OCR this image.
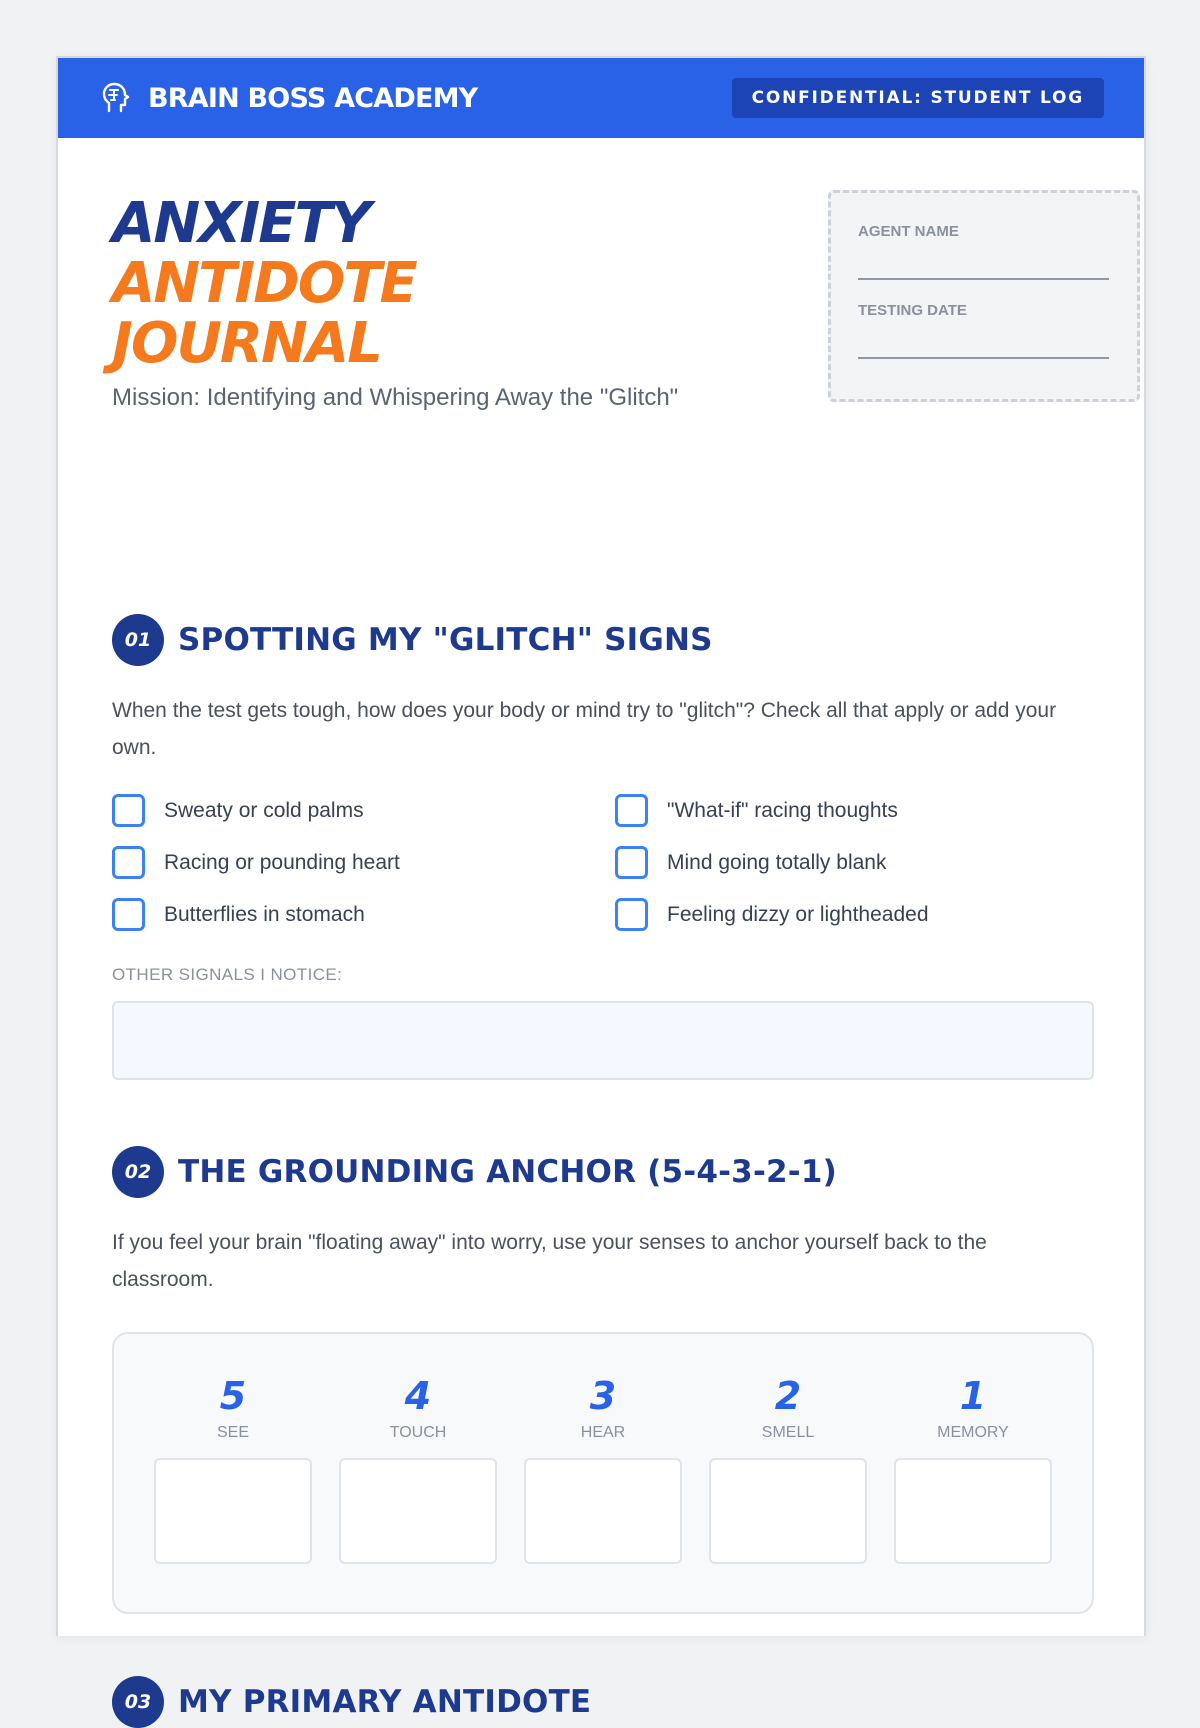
BRAIN BOSS ACADEMY	CONFIDENTIAL: STUDENT LOG
ANXIETY
ANTIDOTE
JOURNAL
Mission: Identifying and Whispering Away the "Glitch"
AGENT NAME
TESTING DATE
01 SPOTTING MY "GLITCH" SIGNS
When the test gets tough, how does your body or mind try to "glitch"? Check all that apply or add your own.
Sweaty or cold palms	"What-if" racing thoughts
Racing or pounding heart	Mind going totally blank
Butterflies in stomach	Feeling dizzy or lightheaded
OTHER SIGNALS I NOTICE:
02 THE GROUNDING ANCHOR (5-4-3-2-1)
If you feel your brain "floating away" into worry, use your senses to anchor yourself back to the classroom.
5
SEE
4
TOUCH
3
HEAR
2
SMELL
1
MEMORY
03 MY PRIMARY ANTIDOTE
